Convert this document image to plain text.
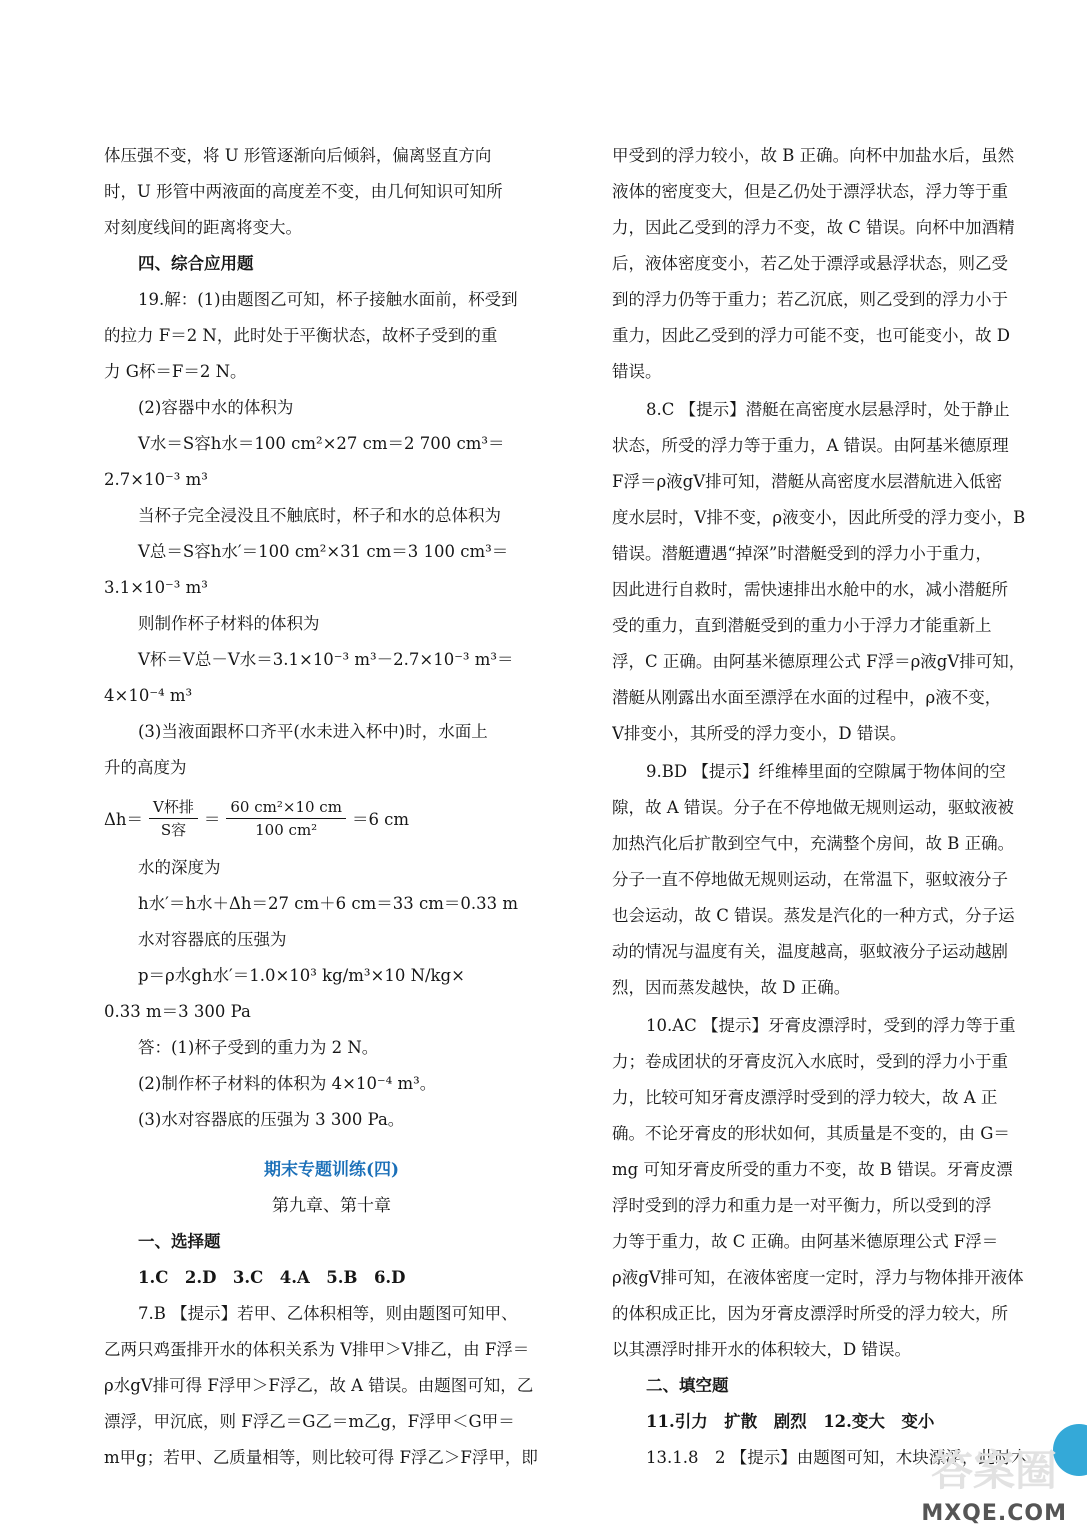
体压强不变，将 U 形管逐渐向后倾斜，偏离竖直方向
时，U 形管中两液面的高度差不变，由几何知识可知所
对刻度线间的距离将变大。
四、综合应用题
19.解：(1)由题图乙可知，杯子接触水面前，杯受到
的拉力 F＝2 N，此时处于平衡状态，故杯子受到的重
力 G杯＝F＝2 N。
(2)容器中水的体积为
V水＝S容h水＝100 cm²×27 cm＝2 700 cm³＝
2.7×10⁻³ m³
当杯子完全浸没且不触底时，杯子和水的总体积为
V总＝S容h水′＝100 cm²×31 cm＝3 100 cm³＝
3.1×10⁻³ m³
则制作杯子材料的体积为
V杯＝V总－V水＝3.1×10⁻³ m³－2.7×10⁻³ m³＝
4×10⁻⁴ m³
(3)当液面跟杯口齐平(水未进入杯中)时，水面上
升的高度为
$\Delta h= \frac{\text{V杯排}}{\text{S容}} = \frac{\text{60 cm²×10 cm}}{\text{100 cm²}} =6$ cm
水的深度为
h水′＝h水＋Δh＝27 cm＋6 cm＝33 cm＝0.33 m
水对容器底的压强为
p＝ρ水gh水′＝1.0×10³ kg/m³×10 N/kg×
0.33 m＝3 300 Pa
答：(1)杯子受到的重力为 2 N。
(2)制作杯子材料的体积为 4×10⁻⁴ m³。
(3)水对容器底的压强为 3 300 Pa。
期末专题训练(四)
第九章、第十章
一、选择题
1.C　2.D　3.C　4.A　5.B　6.D
7.B 【提示】若甲、乙体积相等，则由题图可知甲、
乙两只鸡蛋排开水的体积关系为 V排甲＞V排乙，由 F浮＝
ρ水gV排可得 F浮甲＞F浮乙，故 A 错误。由题图可知，乙
漂浮，甲沉底，则 F浮乙＝G乙＝m乙g，F浮甲＜G甲＝
m甲g；若甲、乙质量相等，则比较可得 F浮乙＞F浮甲，即
甲受到的浮力较小，故 B 正确。向杯中加盐水后，虽然
液体的密度变大，但是乙仍处于漂浮状态，浮力等于重
力，因此乙受到的浮力不变，故 C 错误。向杯中加酒精
后，液体密度变小，若乙处于漂浮或悬浮状态，则乙受
到的浮力仍等于重力；若乙沉底，则乙受到的浮力小于
重力，因此乙受到的浮力可能不变，也可能变小，故 D
错误。
8.C 【提示】潜艇在高密度水层悬浮时，处于静止
状态，所受的浮力等于重力，A 错误。由阿基米德原理
F浮＝ρ液gV排可知，潜艇从高密度水层潜航进入低密
度水层时，V排不变，ρ液变小，因此所受的浮力变小，B
错误。潜艇遭遇“掉深”时潜艇受到的浮力小于重力，
因此进行自救时，需快速排出水舱中的水，减小潜艇所
受的重力，直到潜艇受到的重力小于浮力才能重新上
浮，C 正确。由阿基米德原理公式 F浮＝ρ液gV排可知，
潜艇从刚露出水面至漂浮在水面的过程中，ρ液不变，
V排变小，其所受的浮力变小，D 错误。
9.BD 【提示】纤维棒里面的空隙属于物体间的空
隙，故 A 错误。分子在不停地做无规则运动，驱蚊液被
加热汽化后扩散到空气中，充满整个房间，故 B 正确。
分子一直不停地做无规则运动，在常温下，驱蚊液分子
也会运动，故 C 错误。蒸发是汽化的一种方式，分子运
动的情况与温度有关，温度越高，驱蚊液分子运动越剧
烈，因而蒸发越快，故 D 正确。
10.AC 【提示】牙膏皮漂浮时，受到的浮力等于重
力；卷成团状的牙膏皮沉入水底时，受到的浮力小于重
力，比较可知牙膏皮漂浮时受到的浮力较大，故 A 正
确。不论牙膏皮的形状如何，其质量是不变的，由 G＝
mg 可知牙膏皮所受的重力不变，故 B 错误。牙膏皮漂
浮时受到的浮力和重力是一对平衡力，所以受到的浮
力等于重力，故 C 正确。由阿基米德原理公式 F浮＝
ρ液gV排可知，在液体密度一定时，浮力与物体排开液体
的体积成正比，因为牙膏皮漂浮时所受的浮力较大，所
以其漂浮时排开水的体积较大，D 错误。
二、填空题
11.引力　扩散　剧烈　12.变大　变小
13.1.8　2 【提示】由题图可知，木块漂浮，此时木
答案圈
MXQE.COM
